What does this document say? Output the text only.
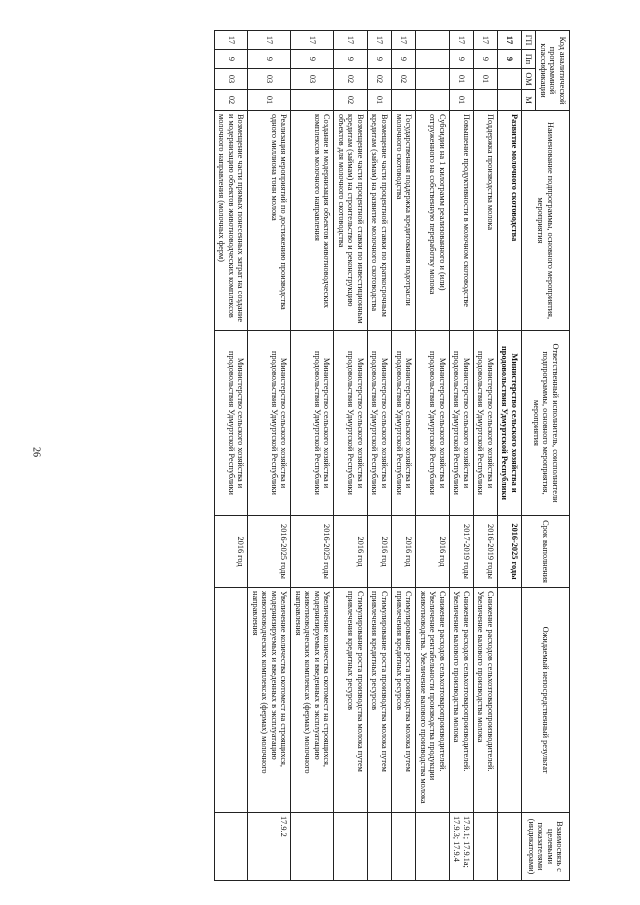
26
Код аналитической программной классификации				Наименование подпрограммы, основного мероприятия, мероприятия	Ответственный исполнитель, соисполнители подпрограммы, основного мероприятия, мероприятия	Срок выполнения	Ожидаемый непосредственный результат	Взаимосвязь с целевыми показателями (индикаторами)
ГП	Пп	ОМ	М					
17	9			Развитие молочного скотоводства	Министерство сельского хозяйства и продовольствия Удмуртской Республики	2016-2025 годы		
17	9	01		Поддержка производства молока	Министерство сельского хозяйства и продовольствия Удмуртской Республики	2016-2019 годы	Снижение расходов сельхозтоваропроизводителей. Увеличение валового производства молока	
17	9	01	01	Повышение продуктивности в молочном скотоводстве	Министерство сельского хозяйства и продовольствия Удмуртской Республики	2017-2019 годы	Снижение расходов сельхозтоваропроизводителей. Увеличение валового производства молока	17.9.1; 17.9.1а; 17.9.3; 17.9.4
				Субсидии на 1 килограмм реализованного и (или) отгруженного на собственную переработку молока	Министерство сельского хозяйства и продовольствия Удмуртской Республики	2016 год	Снижение расходов сельхозтоваропроизводителей. Увеличение рентабельности производства продукции животноводства. Увеличение валового производства молока	
17	9	02		Государственная поддержка кредитования подотрасли молочного скотоводства	Министерство сельского хозяйства и продовольствия Удмуртской Республики	2016 год	Стимулирование роста производства молока путем привлечения кредитных ресурсов	
17	9	02	01	Возмещение части процентной ставки по краткосрочным кредитам (займам) на развитие молочного скотоводства	Министерство сельского хозяйства и продовольствия Удмуртской Республики	2016 год	Стимулирование роста производства молока путем привлечения кредитных ресурсов	
17	9	02	02	Возмещение части процентной ставки по инвестиционным кредитам (займам) на строительство и реконструкцию объектов для молочного скотоводства	Министерство сельского хозяйства и продовольствия Удмуртской Республики	2016 год	Стимулирование роста производства молока путем привлечения кредитных ресурсов	
17	9	03		Создание и модернизация объектов животноводческих комплексов молочного направления	Министерство сельского хозяйства и продовольствия Удмуртской Республики	2016-2025 годы	Увеличение количества скотомест на строящихся, модернизируемых и введенных в эксплуатацию животноводческих комплексах (фермах) молочного направления	
17	9	03	01	Реализация мероприятий по достижению производства одного миллиона тонн молока	Министерство сельского хозяйства и продовольствия Удмуртской Республики	2016-2025 годы	Увеличение количества скотомест на строящихся, модернизируемых и введенных в эксплуатацию животноводческих комплексах (фермах) молочного направления	17.9.2
17	9	03	02	Возмещение части прямых понесенных затрат на создание и модернизацию объектов животноводческих комплексов молочного направления (молочных ферм)	Министерство сельского хозяйства и продовольствия Удмуртской Республики	2016 год		
